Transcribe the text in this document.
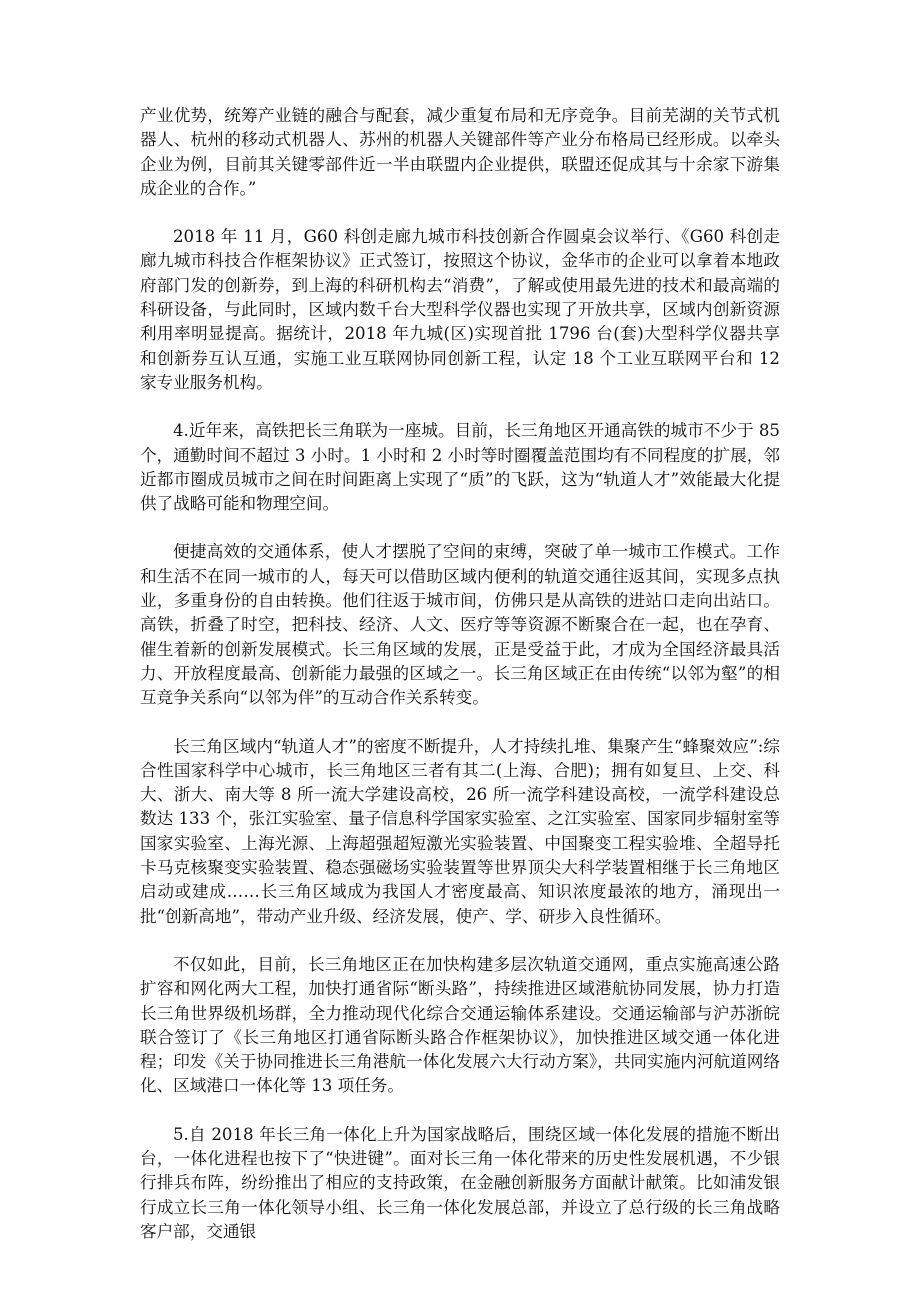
产业优势，统筹产业链的融合与配套，减少重复布局和无序竞争。目前芜湖的关节式机器人、杭州的移动式机器人、苏州的机器人关键部件等产业分布格局已经形成。以牵头企业为例，目前其关键零部件近一半由联盟内企业提供，联盟还促成其与十余家下游集成企业的合作。”

2018 年 11 月，G60 科创走廊九城市科技创新合作圆桌会议举行、《G60 科创走廊九城市科技合作框架协议》正式签订，按照这个协议，金华市的企业可以拿着本地政府部门发的创新券，到上海的科研机构去“消费”，了解或使用最先进的技术和最高端的科研设备，与此同时，区域内数千台大型科学仪器也实现了开放共享，区域内创新资源利用率明显提高。据统计，2018 年九城(区)实现首批 1796 台(套)大型科学仪器共享和创新券互认互通，实施工业互联网协同创新工程，认定 18 个工业互联网平台和 12 家专业服务机构。

4.近年来，高铁把长三角联为一座城。目前，长三角地区开通高铁的城市不少于 85 个，通勤时间不超过 3 小时。1 小时和 2 小时等时圈覆盖范围均有不同程度的扩展，邻近都市圈成员城市之间在时间距离上实现了“质”的飞跃，这为“轨道人才”效能最大化提供了战略可能和物理空间。

便捷高效的交通体系，使人才摆脱了空间的束缚，突破了单一城市工作模式。工作和生活不在同一城市的人，每天可以借助区域内便利的轨道交通往返其间，实现多点执业，多重身份的自由转换。他们往返于城市间，仿佛只是从高铁的进站口走向出站口。高铁，折叠了时空，把科技、经济、人文、医疗等等资源不断聚合在一起，也在孕育、催生着新的创新发展模式。长三角区域的发展，正是受益于此，才成为全国经济最具活力、开放程度最高、创新能力最强的区域之一。长三角区域正在由传统“以邻为壑”的相互竞争关系向“以邻为伴”的互动合作关系转变。

长三角区域内“轨道人才”的密度不断提升，人才持续扎堆、集聚产生“蜂聚效应”:综合性国家科学中心城市，长三角地区三者有其二(上海、合肥)；拥有如复旦、上交、科大、浙大、南大等 8 所一流大学建设高校，26 所一流学科建设高校，一流学科建设总数达 133 个，张江实验室、量子信息科学国家实验室、之江实验室、国家同步辐射室等国家实验室、上海光源、上海超强超短激光实验装置、中国聚变工程实验堆、全超导托卡马克核聚变实验装置、稳态强磁场实验装置等世界顶尖大科学装置相继于长三角地区启动或建成……长三角区域成为我国人才密度最高、知识浓度最浓的地方，涌现出一批“创新高地”，带动产业升级、经济发展，使产、学、研步入良性循环。

不仅如此，目前，长三角地区正在加快构建多层次轨道交通网，重点实施高速公路扩容和网化两大工程，加快打通省际“断头路”，持续推进区域港航协同发展，协力打造长三角世界级机场群，全力推动现代化综合交通运输体系建设。交通运输部与沪苏浙皖联合签订了《长三角地区打通省际断头路合作框架协议》，加快推进区域交通一体化进程；印发《关于协同推进长三角港航一体化发展六大行动方案》，共同实施内河航道网络化、区域港口一体化等 13 项任务。

5.自 2018 年长三角一体化上升为国家战略后，围绕区域一体化发展的措施不断出台，一体化进程也按下了“快进键”。面对长三角一体化带来的历史性发展机遇，不少银行排兵布阵，纷纷推出了相应的支持政策，在金融创新服务方面献计献策。比如浦发银行成立长三角一体化领导小组、长三角一体化发展总部，并设立了总行级的长三角战略客户部，交通银
